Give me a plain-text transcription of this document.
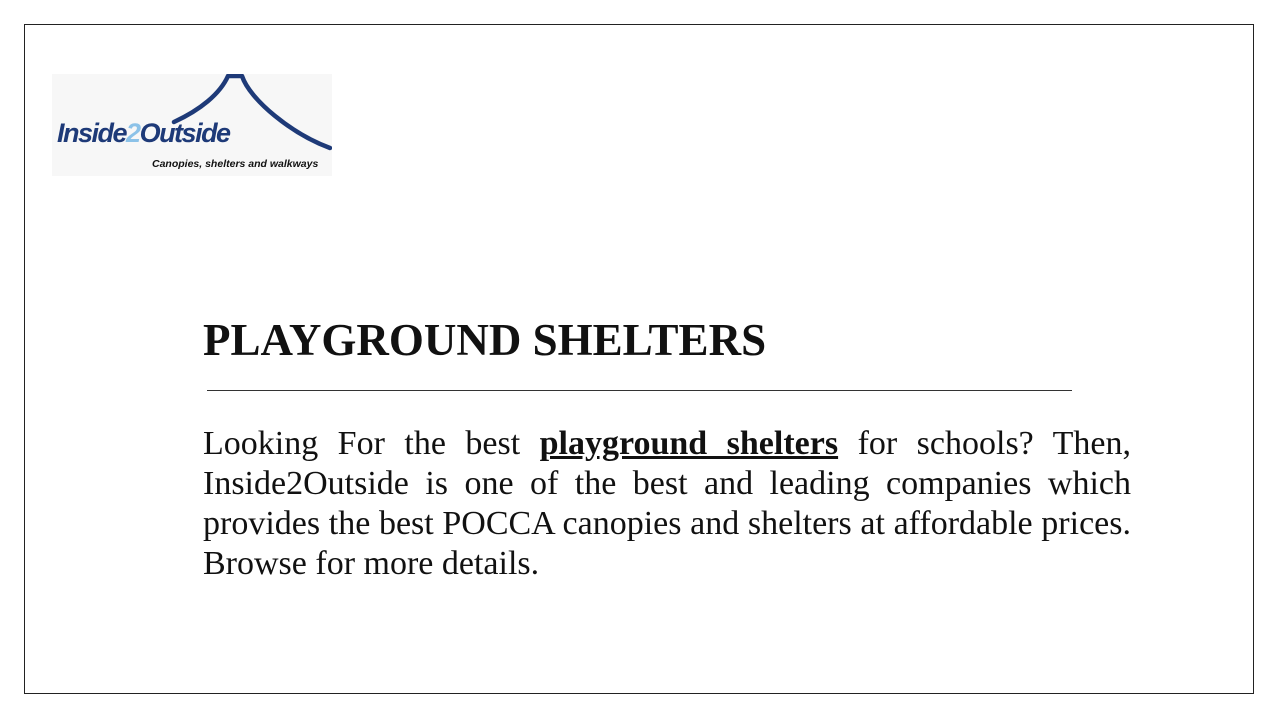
Inside2Outside
Canopies, shelters and walkways
PLAYGROUND SHELTERS

Looking For the best playground shelters for schools? Then, Inside2Outside is one of the best and leading companies which provides the best POCCA canopies and shelters at affordable prices. Browse for more details.
